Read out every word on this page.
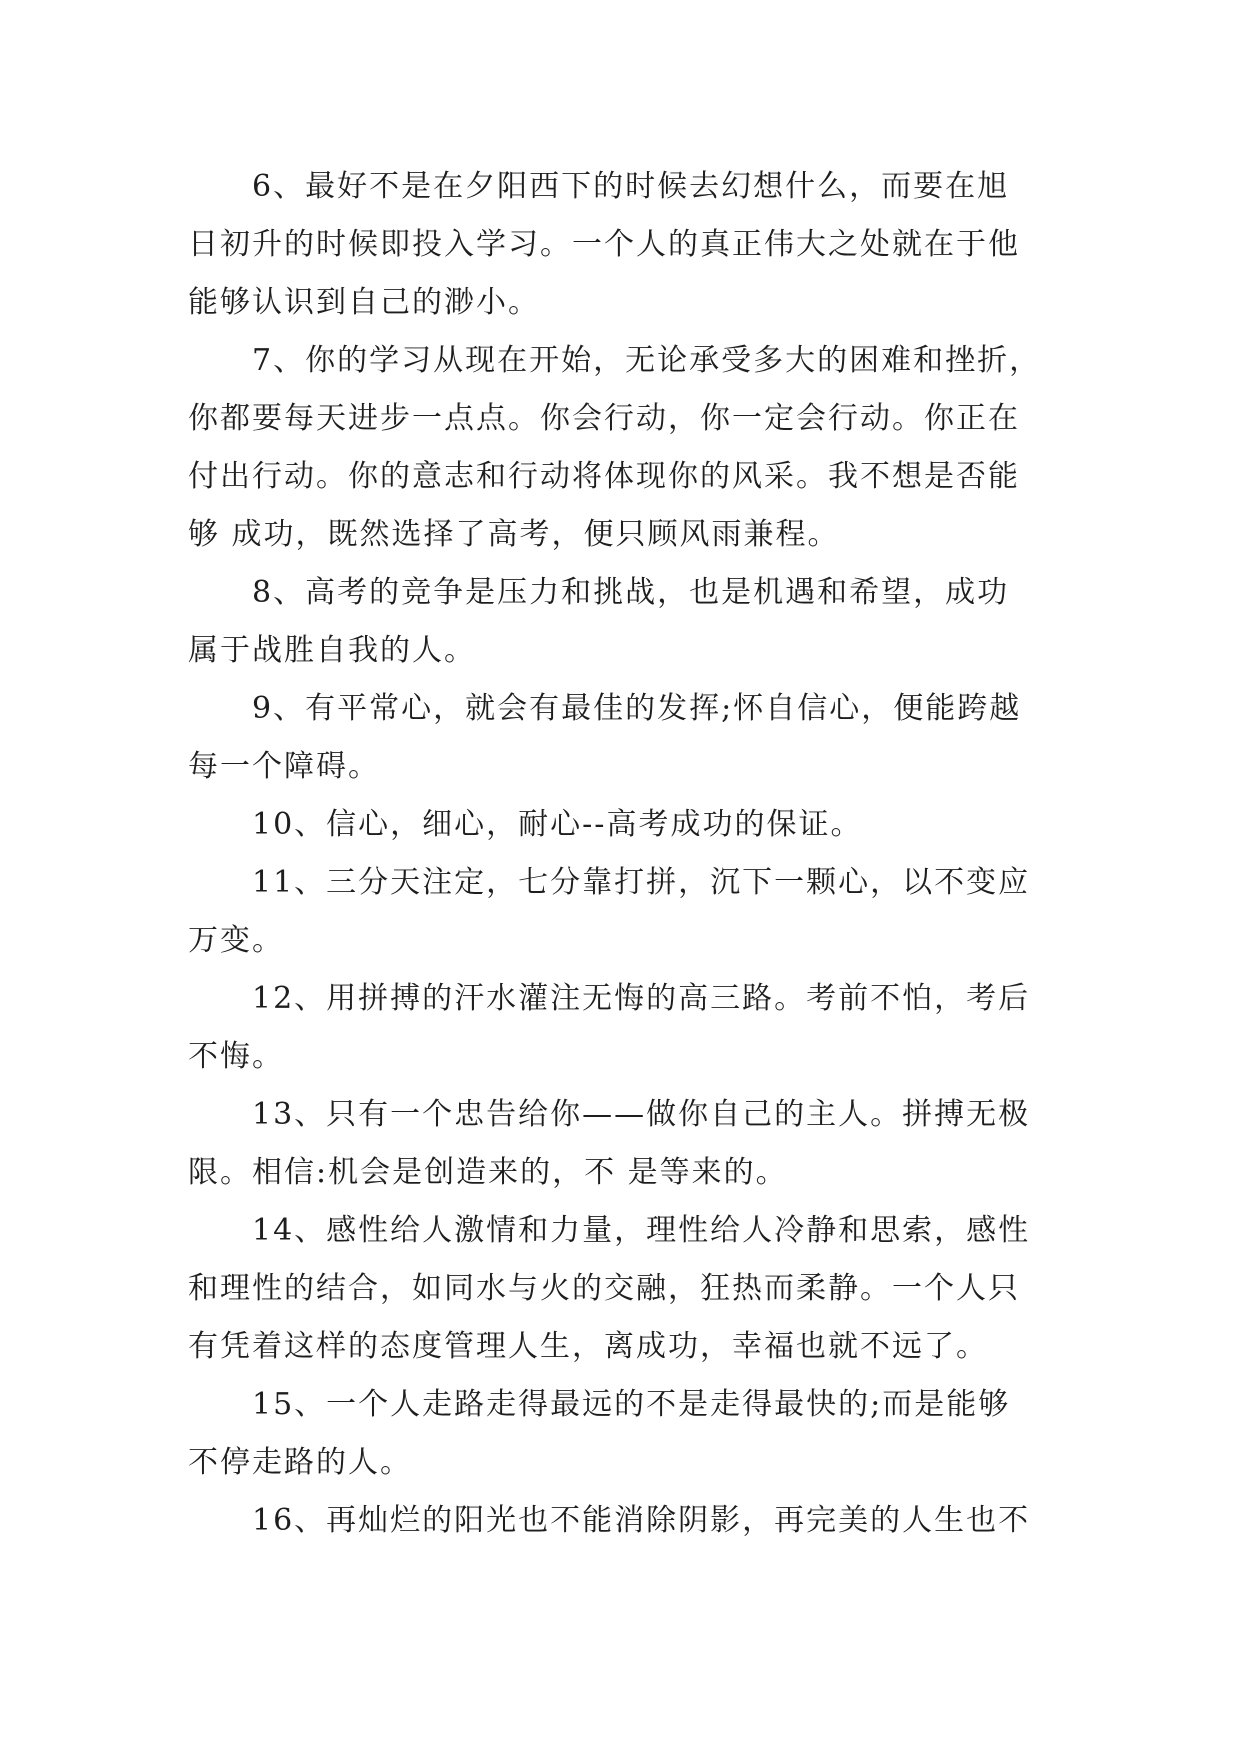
6、最好不是在夕阳西下的时候去幻想什么，而要在旭
日初升的时候即投入学习。一个人的真正伟大之处就在于他
能够认识到自己的渺小。

7、你的学习从现在开始，无论承受多大的困难和挫折，
你都要每天进步一点点。你会行动，你一定会行动。你正在
付出行动。你的意志和行动将体现你的风采。我不想是否能
够 成功，既然选择了高考，便只顾风雨兼程。

8、高考的竞争是压力和挑战，也是机遇和希望，成功
属于战胜自我的人。

9、有平常心，就会有最佳的发挥;怀自信心，便能跨越
每一个障碍。

10、信心，细心，耐心--高考成功的保证。

11、三分天注定，七分靠打拼，沉下一颗心，以不变应
万变。

12、用拼搏的汗水灌注无悔的高三路。考前不怕，考后
不悔。

13、只有一个忠告给你——做你自己的主人。拼搏无极
限。相信:机会是创造来的，不 是等来的。

14、感性给人激情和力量，理性给人冷静和思索，感性
和理性的结合，如同水与火的交融，狂热而柔静。一个人只
有凭着这样的态度管理人生，离成功，幸福也就不远了。

15、一个人走路走得最远的不是走得最快的;而是能够
不停走路的人。

16、再灿烂的阳光也不能消除阴影，再完美的人生也不
